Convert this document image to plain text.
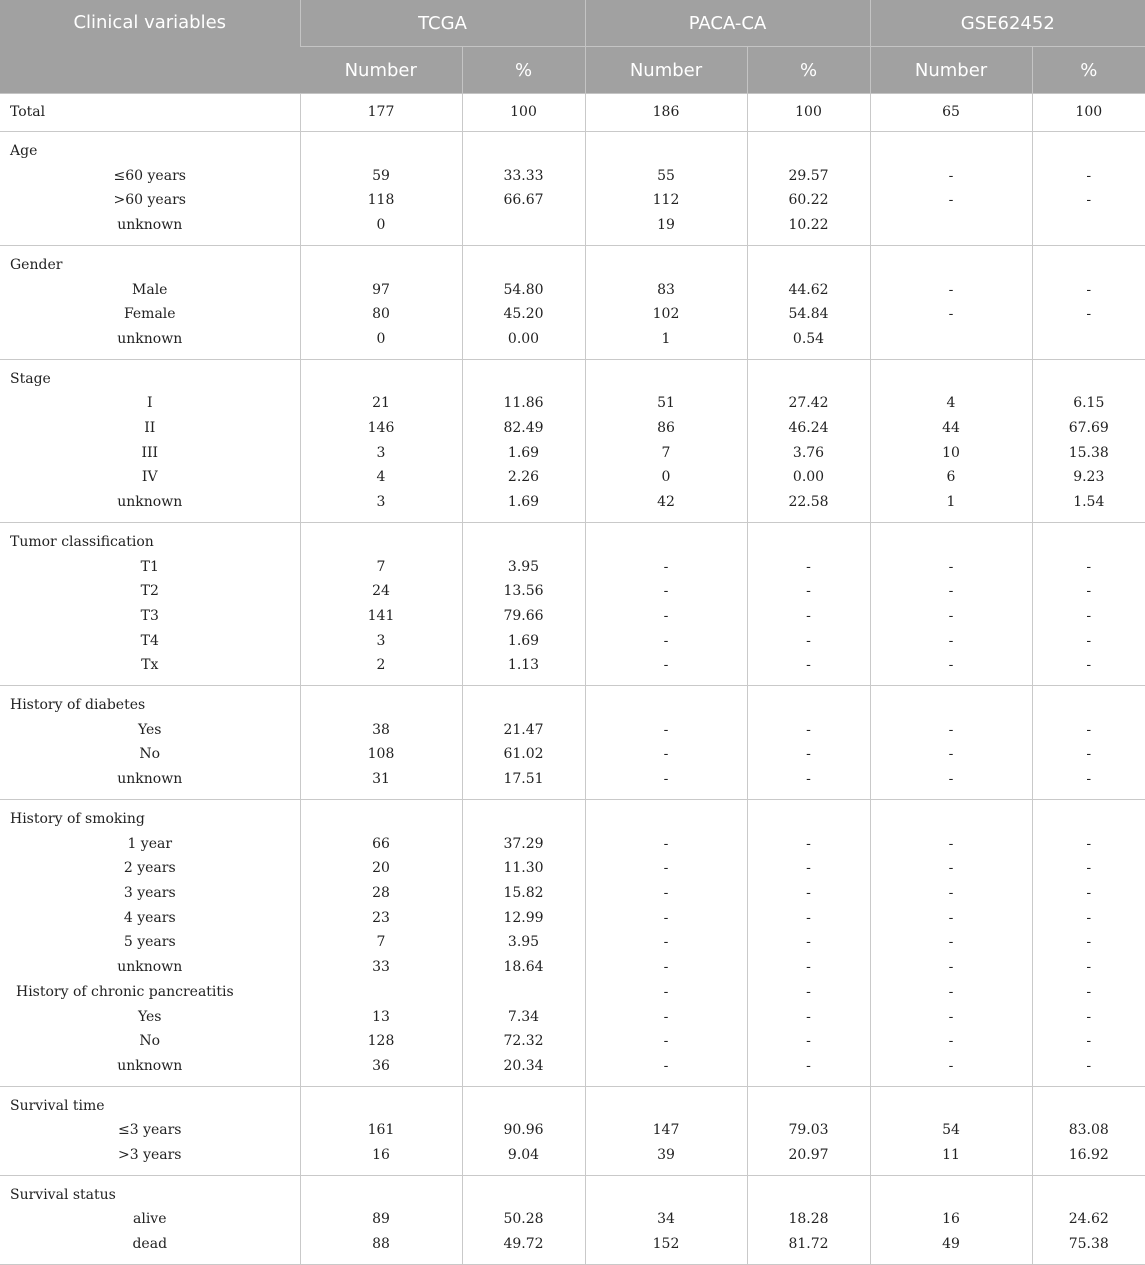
Clinical variables	TCGA		PACA-CA		GSE62452	
	Number	%	Number	%	Number	%
Total	177	100	186	100	65	100
Age						

≤60 years	59	33.33	55	29.57	-	-

>60 years	118	66.67	112	60.22	-	-

unknown	0		19	10.22		
Gender						

Male	97	54.80	83	44.62	-	-

Female	80	45.20	102	54.84	-	-

unknown	0	0.00	1	0.54		
Stage						

I	21	11.86	51	27.42	4	6.15

II	146	82.49	86	46.24	44	67.69

III	3	1.69	7	3.76	10	15.38

IV	4	2.26	0	0.00	6	9.23

unknown	3	1.69	42	22.58	1	1.54
Tumor classification						

T1	7	3.95	-	-	-	-

T2	24	13.56	-	-	-	-

T3	141	79.66	-	-	-	-

T4	3	1.69	-	-	-	-

Tx	2	1.13	-	-	-	-
History of diabetes						

Yes	38	21.47	-	-	-	-

No	108	61.02	-	-	-	-

unknown	31	17.51	-	-	-	-
History of smoking						

1 year	66	37.29	-	-	-	-

2 years	20	11.30	-	-	-	-

3 years	28	15.82	-	-	-	-

4 years	23	12.99	-	-	-	-

5 years	7	3.95	-	-	-	-

unknown	33	18.64	-	-	-	-

History of chronic pancreatitis			-	-	-	-

Yes	13	7.34	-	-	-	-

No	128	72.32	-	-	-	-

unknown	36	20.34	-	-	-	-
Survival time						

≤3 years	161	90.96	147	79.03	54	83.08

>3 years	16	9.04	39	20.97	11	16.92
Survival status						

alive	89	50.28	34	18.28	16	24.62

dead	88	49.72	152	81.72	49	75.38
